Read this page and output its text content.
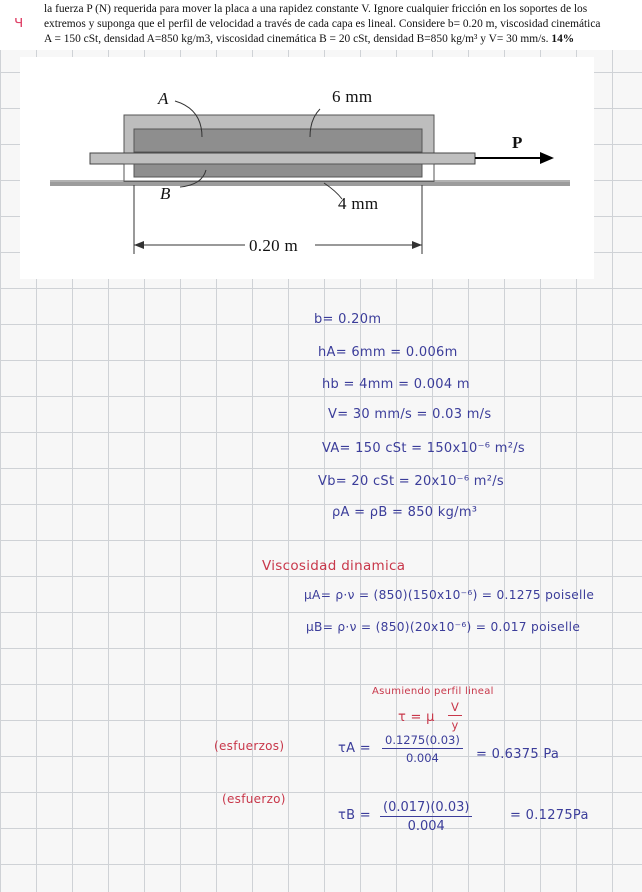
la fuerza P (N) requerida para mover la placa a una rapidez constante V. Ignore cualquier fricción en los soportes de los
extremos y suponga que el perfil de velocidad a través de cada capa es lineal. Considere b= 0.20 m, viscosidad cinemática
A = 150 cSt, densidad A=850 kg/m3, viscosidad cinemática B = 20 cSt, densidad B=850 kg/m³ y V= 30 mm/s. 14%
ч
A	6 mm
P
B
4 mm
0.20 m
b= 0.20m
hA= 6mm = 0.006m
hb = 4mm = 0.004 m
V= 30 mm/s = 0.03 m/s
VA= 150 cSt = 150x10⁻⁶ m²/s
Vb= 20 cSt = 20x10⁻⁶ m²/s
ρA = ρB = 850 kg/m³
Viscosidad dinamica
μA= ρ·ν = (850)(150x10⁻⁶) = 0.1275 poiselle
μB= ρ·ν = (850)(20x10⁻⁶) = 0.017 poiselle
Asumiendo perfil lineal
τ = μ $\frac{V}{y}$
(esfuerzos)	$\tau A = \frac{0.1275(0.03)}{0.004} = 0.6375$ Pa
(esfuerzo)
$\tau B = \frac{(0.017)(0.03)}{0.004}$	= 0.1275Pa
